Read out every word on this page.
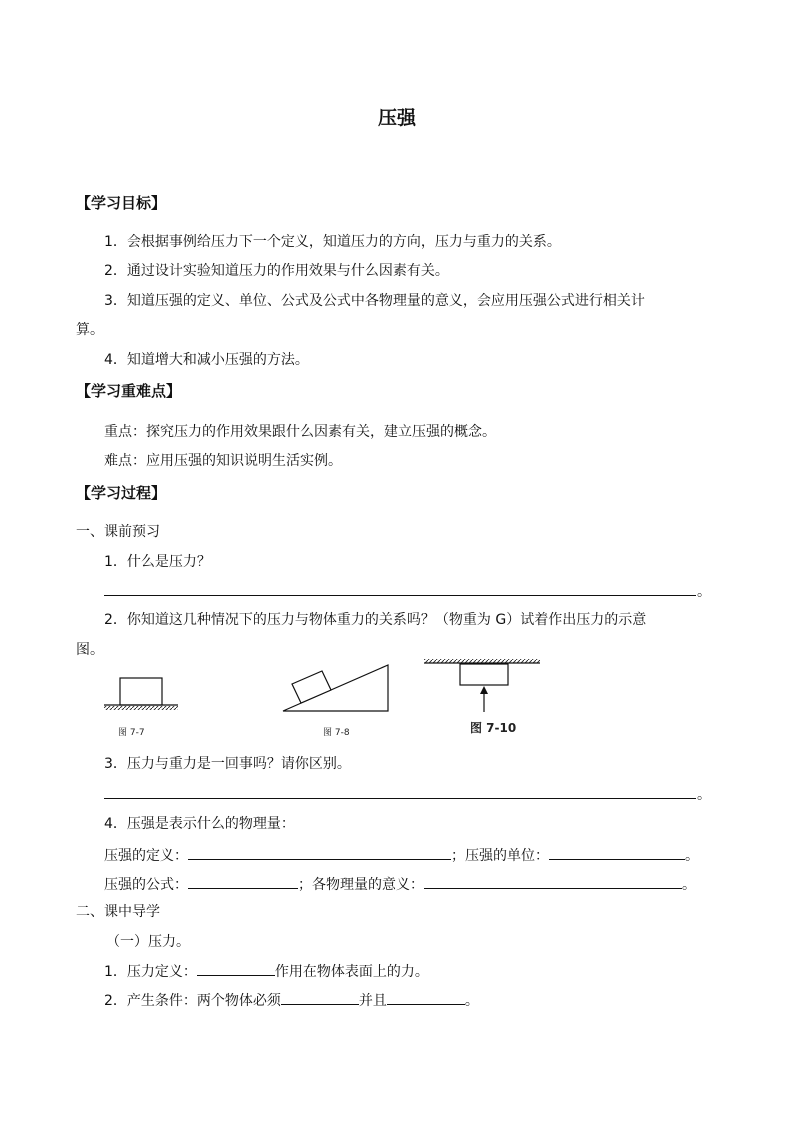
压强
【学习目标】
1．会根据事例给压力下一个定义，知道压力的方向，压力与重力的关系。
2．通过设计实验知道压力的作用效果与什么因素有关。
3．知道压强的定义、单位、公式及公式中各物理量的意义，会应用压强公式进行相关计
算。
4．知道增大和减小压强的方法。
【学习重难点】
重点：探究压力的作用效果跟什么因素有关，建立压强的概念。
难点：应用压强的知识说明生活实例。
【学习过程】
一、课前预习
1．什么是压力？
。
2．你知道这几种情况下的压力与物体重力的关系吗？（物重为 G）试着作出压力的示意
图。
图 7-7	图 7-8	图 7-10
3．压力与重力是一回事吗？请你区别。
。
4．压强是表示什么的物理量：
压强的定义：	；压强的单位：	。
压强的公式：	；各物理量的意义：	。
二、课中导学
（一）压力。
1．压力定义：	作用在物体表面上的力。
2．产生条件：两个物体必须	并且	。
